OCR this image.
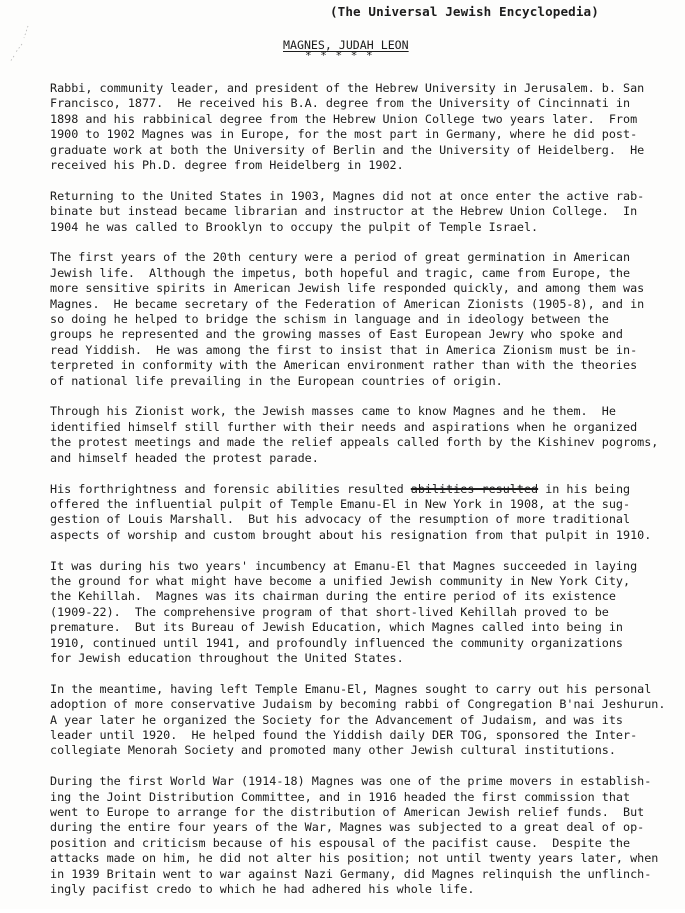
(The Universal Jewish Encyclopedia)
MAGNES, JUDAH LEON
* * * * *
Rabbi, community leader, and president of the Hebrew University in Jerusalem. b. San
Francisco, 1877.  He received his B.A. degree from the University of Cincinnati in
1898 and his rabbinical degree from the Hebrew Union College two years later.  From
1900 to 1902 Magnes was in Europe, for the most part in Germany, where he did post-
graduate work at both the University of Berlin and the University of Heidelberg.  He
received his Ph.D. degree from Heidelberg in 1902.
Returning to the United States in 1903, Magnes did not at once enter the active rab-
binate but instead became librarian and instructor at the Hebrew Union College.  In
1904 he was called to Brooklyn to occupy the pulpit of Temple Israel.
The first years of the 20th century were a period of great germination in American
Jewish life.  Although the impetus, both hopeful and tragic, came from Europe, the
more sensitive spirits in American Jewish life responded quickly, and among them was
Magnes.  He became secretary of the Federation of American Zionists (1905-8), and in
so doing he helped to bridge the schism in language and in ideology between the
groups he represented and the growing masses of East European Jewry who spoke and
read Yiddish.  He was among the first to insist that in America Zionism must be in-
terpreted in conformity with the American environment rather than with the theories
of national life prevailing in the European countries of origin.
Through his Zionist work, the Jewish masses came to know Magnes and he them.  He
identified himself still further with their needs and aspirations when he organized
the protest meetings and made the relief appeals called forth by the Kishinev pogroms,
and himself headed the protest parade.
His forthrightness and forensic abilities resulted abilities resulted in his being
offered the influential pulpit of Temple Emanu-El in New York in 1908, at the sug-
gestion of Louis Marshall.  But his advocacy of the resumption of more traditional
aspects of worship and custom brought about his resignation from that pulpit in 1910.
It was during his two years' incumbency at Emanu-El that Magnes succeeded in laying
the ground for what might have become a unified Jewish community in New York City,
the Kehillah.  Magnes was its chairman during the entire period of its existence
(1909-22).  The comprehensive program of that short-lived Kehillah proved to be
premature.  But its Bureau of Jewish Education, which Magnes called into being in
1910, continued until 1941, and profoundly influenced the community organizations
for Jewish education throughout the United States.
In the meantime, having left Temple Emanu-El, Magnes sought to carry out his personal
adoption of more conservative Judaism by becoming rabbi of Congregation B'nai Jeshurun.
A year later he organized the Society for the Advancement of Judaism, and was its
leader until 1920.  He helped found the Yiddish daily DER TOG, sponsored the Inter-
collegiate Menorah Society and promoted many other Jewish cultural institutions.
During the first World War (1914-18) Magnes was one of the prime movers in establish-
ing the Joint Distribution Committee, and in 1916 headed the first commission that
went to Europe to arrange for the distribution of American Jewish relief funds.  But
during the entire four years of the War, Magnes was subjected to a great deal of op-
position and criticism because of his espousal of the pacifist cause.  Despite the
attacks made on him, he did not alter his position; not until twenty years later, when
in 1939 Britain went to war against Nazi Germany, did Magnes relinquish the unflinch-
ingly pacifist credo to which he had adhered his whole life.
